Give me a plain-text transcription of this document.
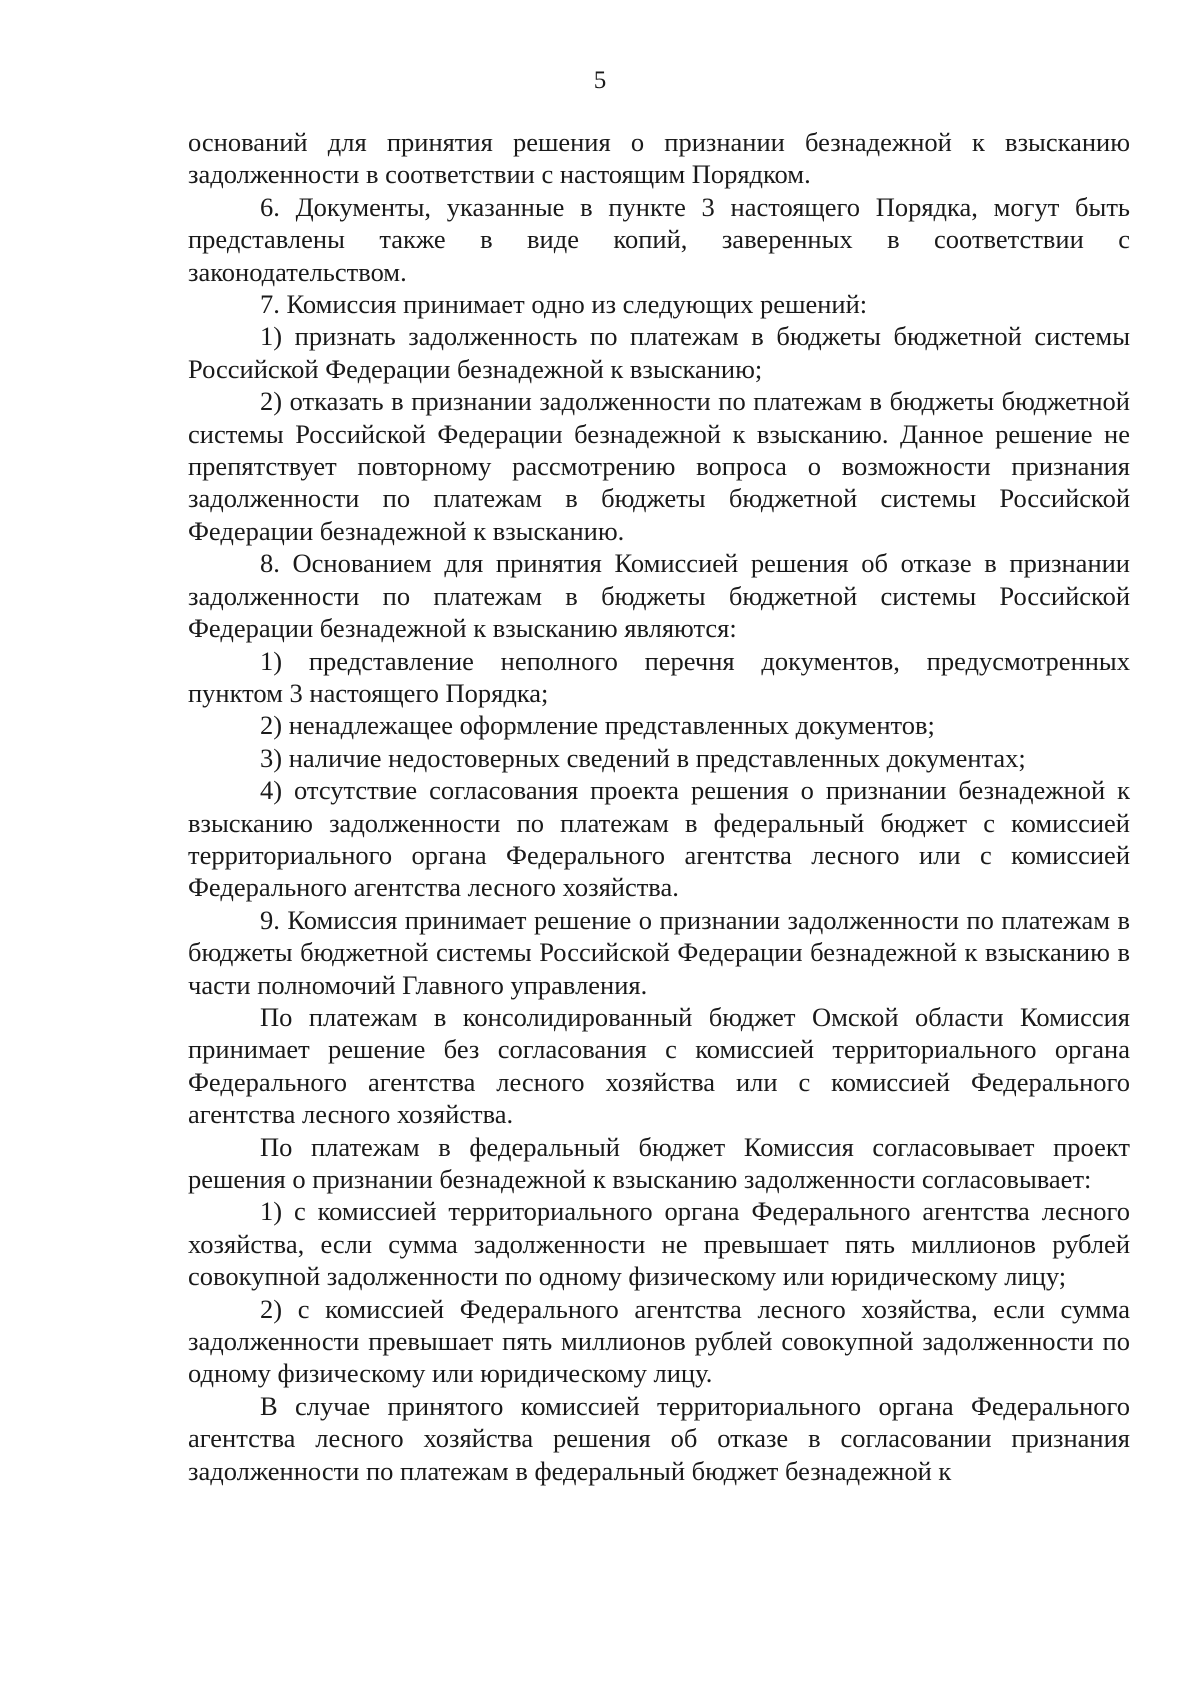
5

оснований для принятия решения о признании безнадежной к взысканию задолженности в соответствии с настоящим Порядком.

6. Документы, указанные в пункте 3 настоящего Порядка, могут быть представлены также в виде копий, заверенных в соответствии с законодательством.

7. Комиссия принимает одно из следующих решений:

1) признать задолженность по платежам в бюджеты бюджетной системы Российской Федерации безнадежной к взысканию;

2) отказать в признании задолженности по платежам в бюджеты бюджетной системы Российской Федерации безнадежной к взысканию. Данное решение не препятствует повторному рассмотрению вопроса о возможности признания задолженности по платежам в бюджеты бюджетной системы Российской Федерации безнадежной к взысканию.

8. Основанием для принятия Комиссией решения об отказе в признании задолженности по платежам в бюджеты бюджетной системы Российской Федерации безнадежной к взысканию являются:

1) представление неполного перечня документов, предусмотренных пунктом 3 настоящего Порядка;

2) ненадлежащее оформление представленных документов;

3) наличие недостоверных сведений в представленных документах;

4) отсутствие согласования проекта решения о признании безнадежной к взысканию задолженности по платежам в федеральный бюджет с комиссией территориального органа Федерального агентства лесного или с комиссией Федерального агентства лесного хозяйства.

9. Комиссия принимает решение о признании задолженности по платежам в бюджеты бюджетной системы Российской Федерации безнадежной к взысканию в части полномочий Главного управления.

По платежам в консолидированный бюджет Омской области Комиссия принимает решение без согласования с комиссией территориального органа Федерального агентства лесного хозяйства или с комиссией Федерального агентства лесного хозяйства.

По платежам в федеральный бюджет Комиссия согласовывает проект решения о признании безнадежной к взысканию задолженности согласовывает:

1) с комиссией территориального органа Федерального агентства лесного хозяйства, если сумма задолженности не превышает пять миллионов рублей совокупной задолженности по одному физическому или юридическому лицу;

2) с комиссией Федерального агентства лесного хозяйства, если сумма задолженности превышает пять миллионов рублей совокупной задолженности по одному физическому или юридическому лицу.

В случае принятого комиссией территориального органа Федерального агентства лесного хозяйства решения об отказе в согласовании признания задолженности по платежам в федеральный бюджет безнадежной к
